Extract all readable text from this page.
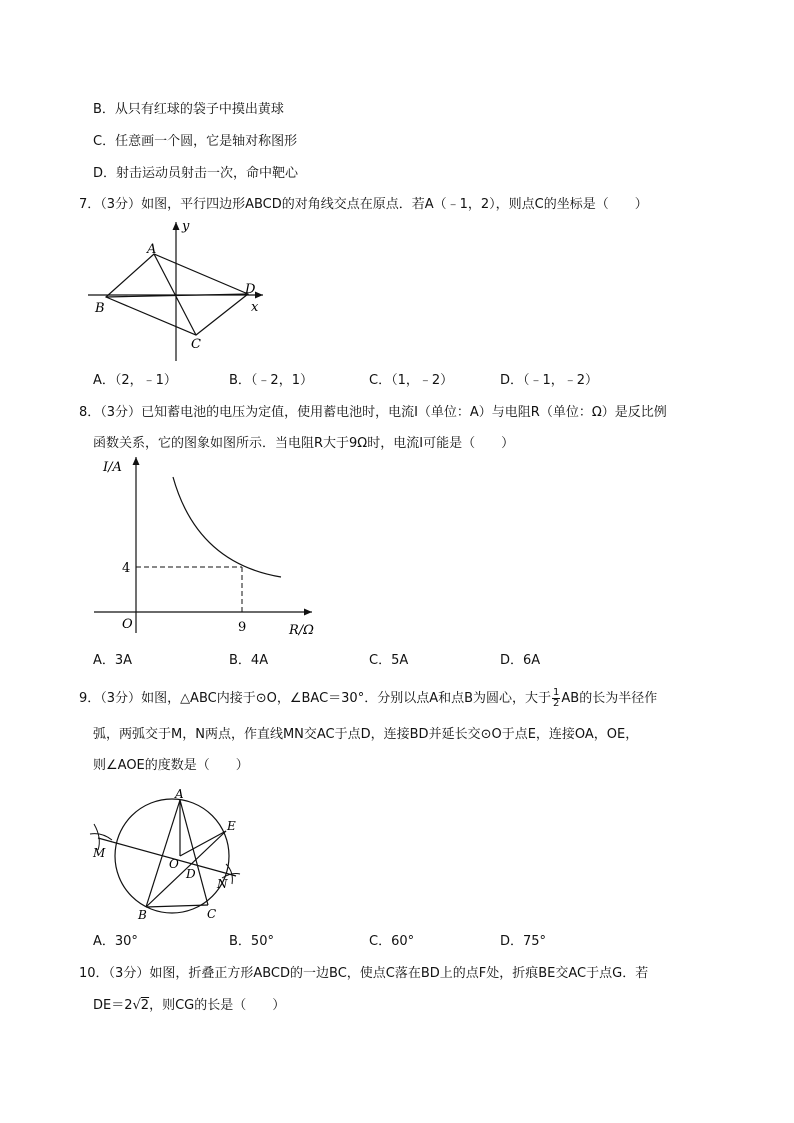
B．从只有红球的袋子中摸出黄球
C．任意画一个圆，它是轴对称图形
D．射击运动员射击一次，命中靶心
7．（3分）如图，平行四边形ABCD的对角线交点在原点．若A（﹣1，2），则点C的坐标是（　　）
A
B
C
D
x
y
A．（2，﹣1）	B．（﹣2，1）	C．（1，﹣2）	D．（﹣1，﹣2）
8．（3分）已知蓄电池的电压为定值，使用蓄电池时，电流I（单位：A）与电阻R（单位：Ω）是反比例
函数关系，它的图象如图所示．当电阻R大于9Ω时，电流I可能是（　　）
I/A
R/Ω
O
4
9
A．3A	B．4A	C．5A	D．6A
9．（3分）如图，△ABC内接于⊙O，∠BAC＝30°．分别以点A和点B为圆心，大于 $\frac{1}{2}$ AB的长为半径作
弧，两弧交于M，N两点，作直线MN交AC于点D，连接BD并延长交⊙O于点E，连接OA，OE，
则∠AOE的度数是（　　）
A
B	C
D
E
M
N
O
A．30°	B．50°	C．60°	D．75°
10．（3分）如图，折叠正方形ABCD的一边BC，使点C落在BD上的点F处，折痕BE交AC于点G．若
DE＝2√2，则CG的长是（　　）
